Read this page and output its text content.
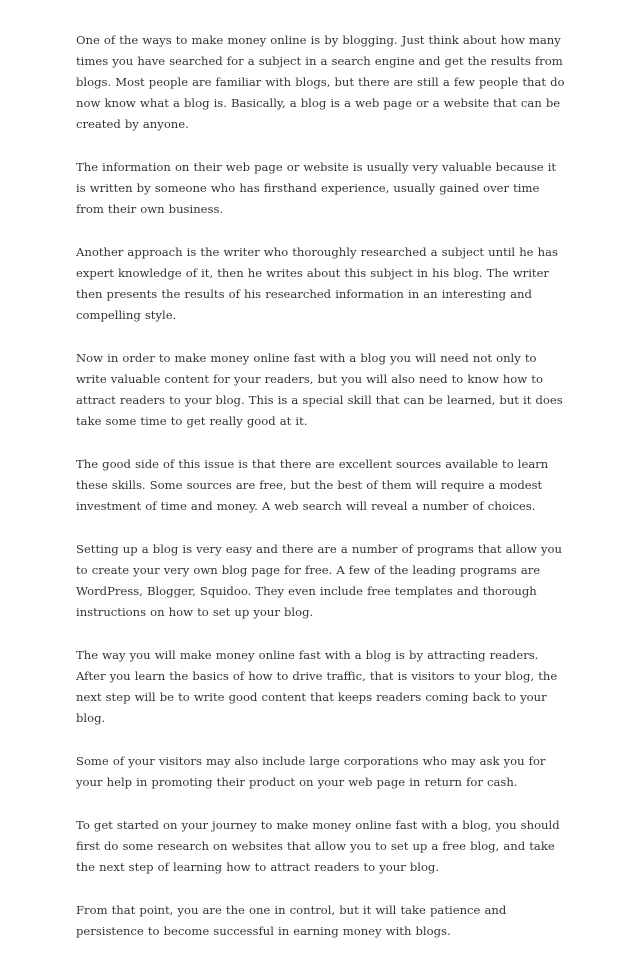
One of the ways to make money online is by blogging. Just think about how many times you have searched for a subject in a search engine and get the results from blogs. Most people are familiar with blogs, but there are still a few people that do now know what a blog is. Basically, a blog is a web page or a website that can be created by anyone.

The information on their web page or website is usually very valuable because it is written by someone who has firsthand experience, usually gained over time from their own business.

Another approach is the writer who thoroughly researched a subject until he has expert knowledge of it, then he writes about this subject in his blog. The writer then presents the results of his researched information in an interesting and compelling style.

Now in order to make money online fast with a blog you will need not only to write valuable content for your readers, but you will also need to know how to attract readers to your blog. This is a special skill that can be learned, but it does take some time to get really good at it.

The good side of this issue is that there are excellent sources available to learn these skills. Some sources are free, but the best of them will require a modest investment of time and money. A web search will reveal a number of choices.

Setting up a blog is very easy and there are a number of programs that allow you to create your very own blog page for free. A few of the leading programs are WordPress, Blogger, Squidoo. They even include free templates and thorough instructions on how to set up your blog.

The way you will make money online fast with a blog is by attracting readers. After you learn the basics of how to drive traffic, that is visitors to your blog, the next step will be to write good content that keeps readers coming back to your blog.

Some of your visitors may also include large corporations who may ask you for your help in promoting their product on your web page in return for cash.

To get started on your journey to make money online fast with a blog, you should first do some research on websites that allow you to set up a free blog, and take the next step of learning how to attract readers to your blog.

From that point, you are the one in control, but it will take patience and persistence to become successful in earning money with blogs.
